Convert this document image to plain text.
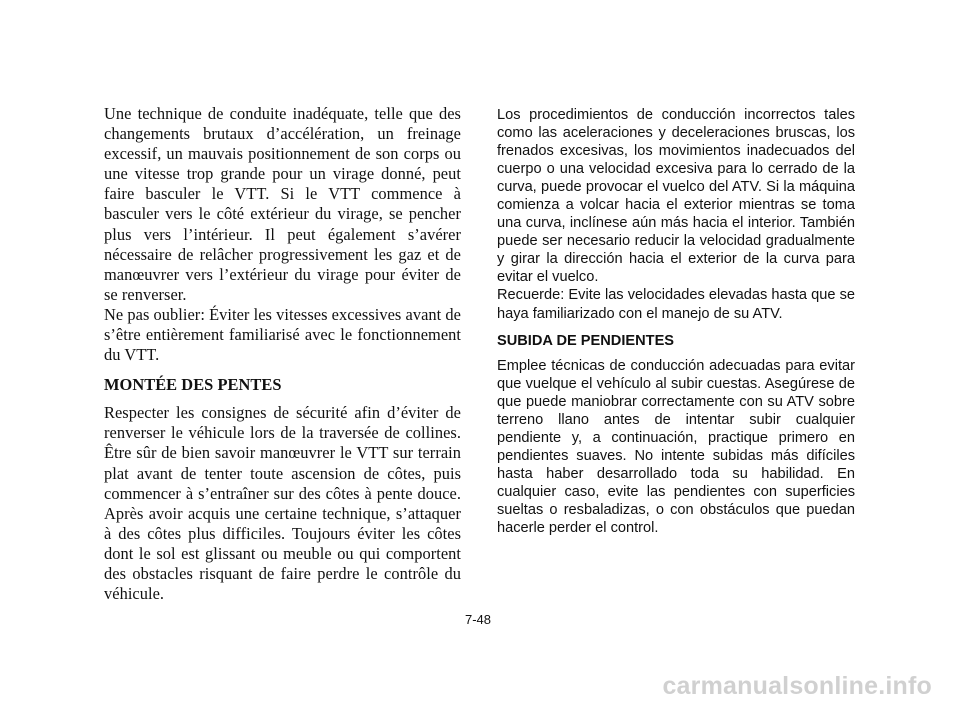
Une technique de conduite inadéquate, telle que des changements brutaux d’accélération, un freinage excessif, un mauvais positionnement de son corps ou une vitesse trop grande pour un virage donné, peut faire basculer le VTT. Si le VTT commence à basculer vers le côté extérieur du virage, se pencher plus vers l’intérieur. Il peut également s’avérer nécessaire de relâcher progressivement les gaz et de manœuvrer vers l’extérieur du virage pour éviter de se renverser.

Ne pas oublier: Éviter les vitesses excessives avant de s’être entièrement familiarisé avec le fonctionnement du VTT.

MONTÉE DES PENTES

Respecter les consignes de sécurité afin d’éviter de renverser le véhicule lors de la traversée de collines. Être sûr de bien savoir manœuvrer le VTT sur terrain plat avant de tenter toute ascension de côtes, puis commencer à s’entraîner sur des côtes à pente douce. Après avoir acquis une certaine technique, s’attaquer à des côtes plus difficiles. Toujours éviter les côtes dont le sol est glissant ou meuble ou qui comportent des obstacles risquant de faire perdre le contrôle du véhicule.

Los procedimientos de conducción incorrectos tales como las aceleraciones y deceleraciones bruscas, los frenados excesivas, los movimientos inadecuados del cuerpo o una velocidad excesiva para lo cerrado de la curva, puede provocar el vuelco del ATV. Si la máquina comienza a volcar hacia el exterior mientras se toma una curva, inclínese aún más hacia el interior. También puede ser necesario reducir la velocidad gradualmente y girar la dirección hacia el exterior de la curva para evitar el vuelco.

Recuerde: Evite las velocidades elevadas hasta que se haya familiarizado con el manejo de su ATV.

SUBIDA DE PENDIENTES

Emplee técnicas de conducción adecuadas para evitar que vuelque el vehículo al subir cuestas. Asegúrese de que puede maniobrar correctamente con su ATV sobre terreno llano antes de intentar subir cualquier pendiente y, a continuación, practique primero en pendientes suaves. No intente subidas más difíciles hasta haber desarrollado toda su habilidad. En cualquier caso, evite las pendientes con superficies sueltas o resbaladizas, o con obstáculos que puedan hacerle perder el control.

7-48
carmanualsonline.info
